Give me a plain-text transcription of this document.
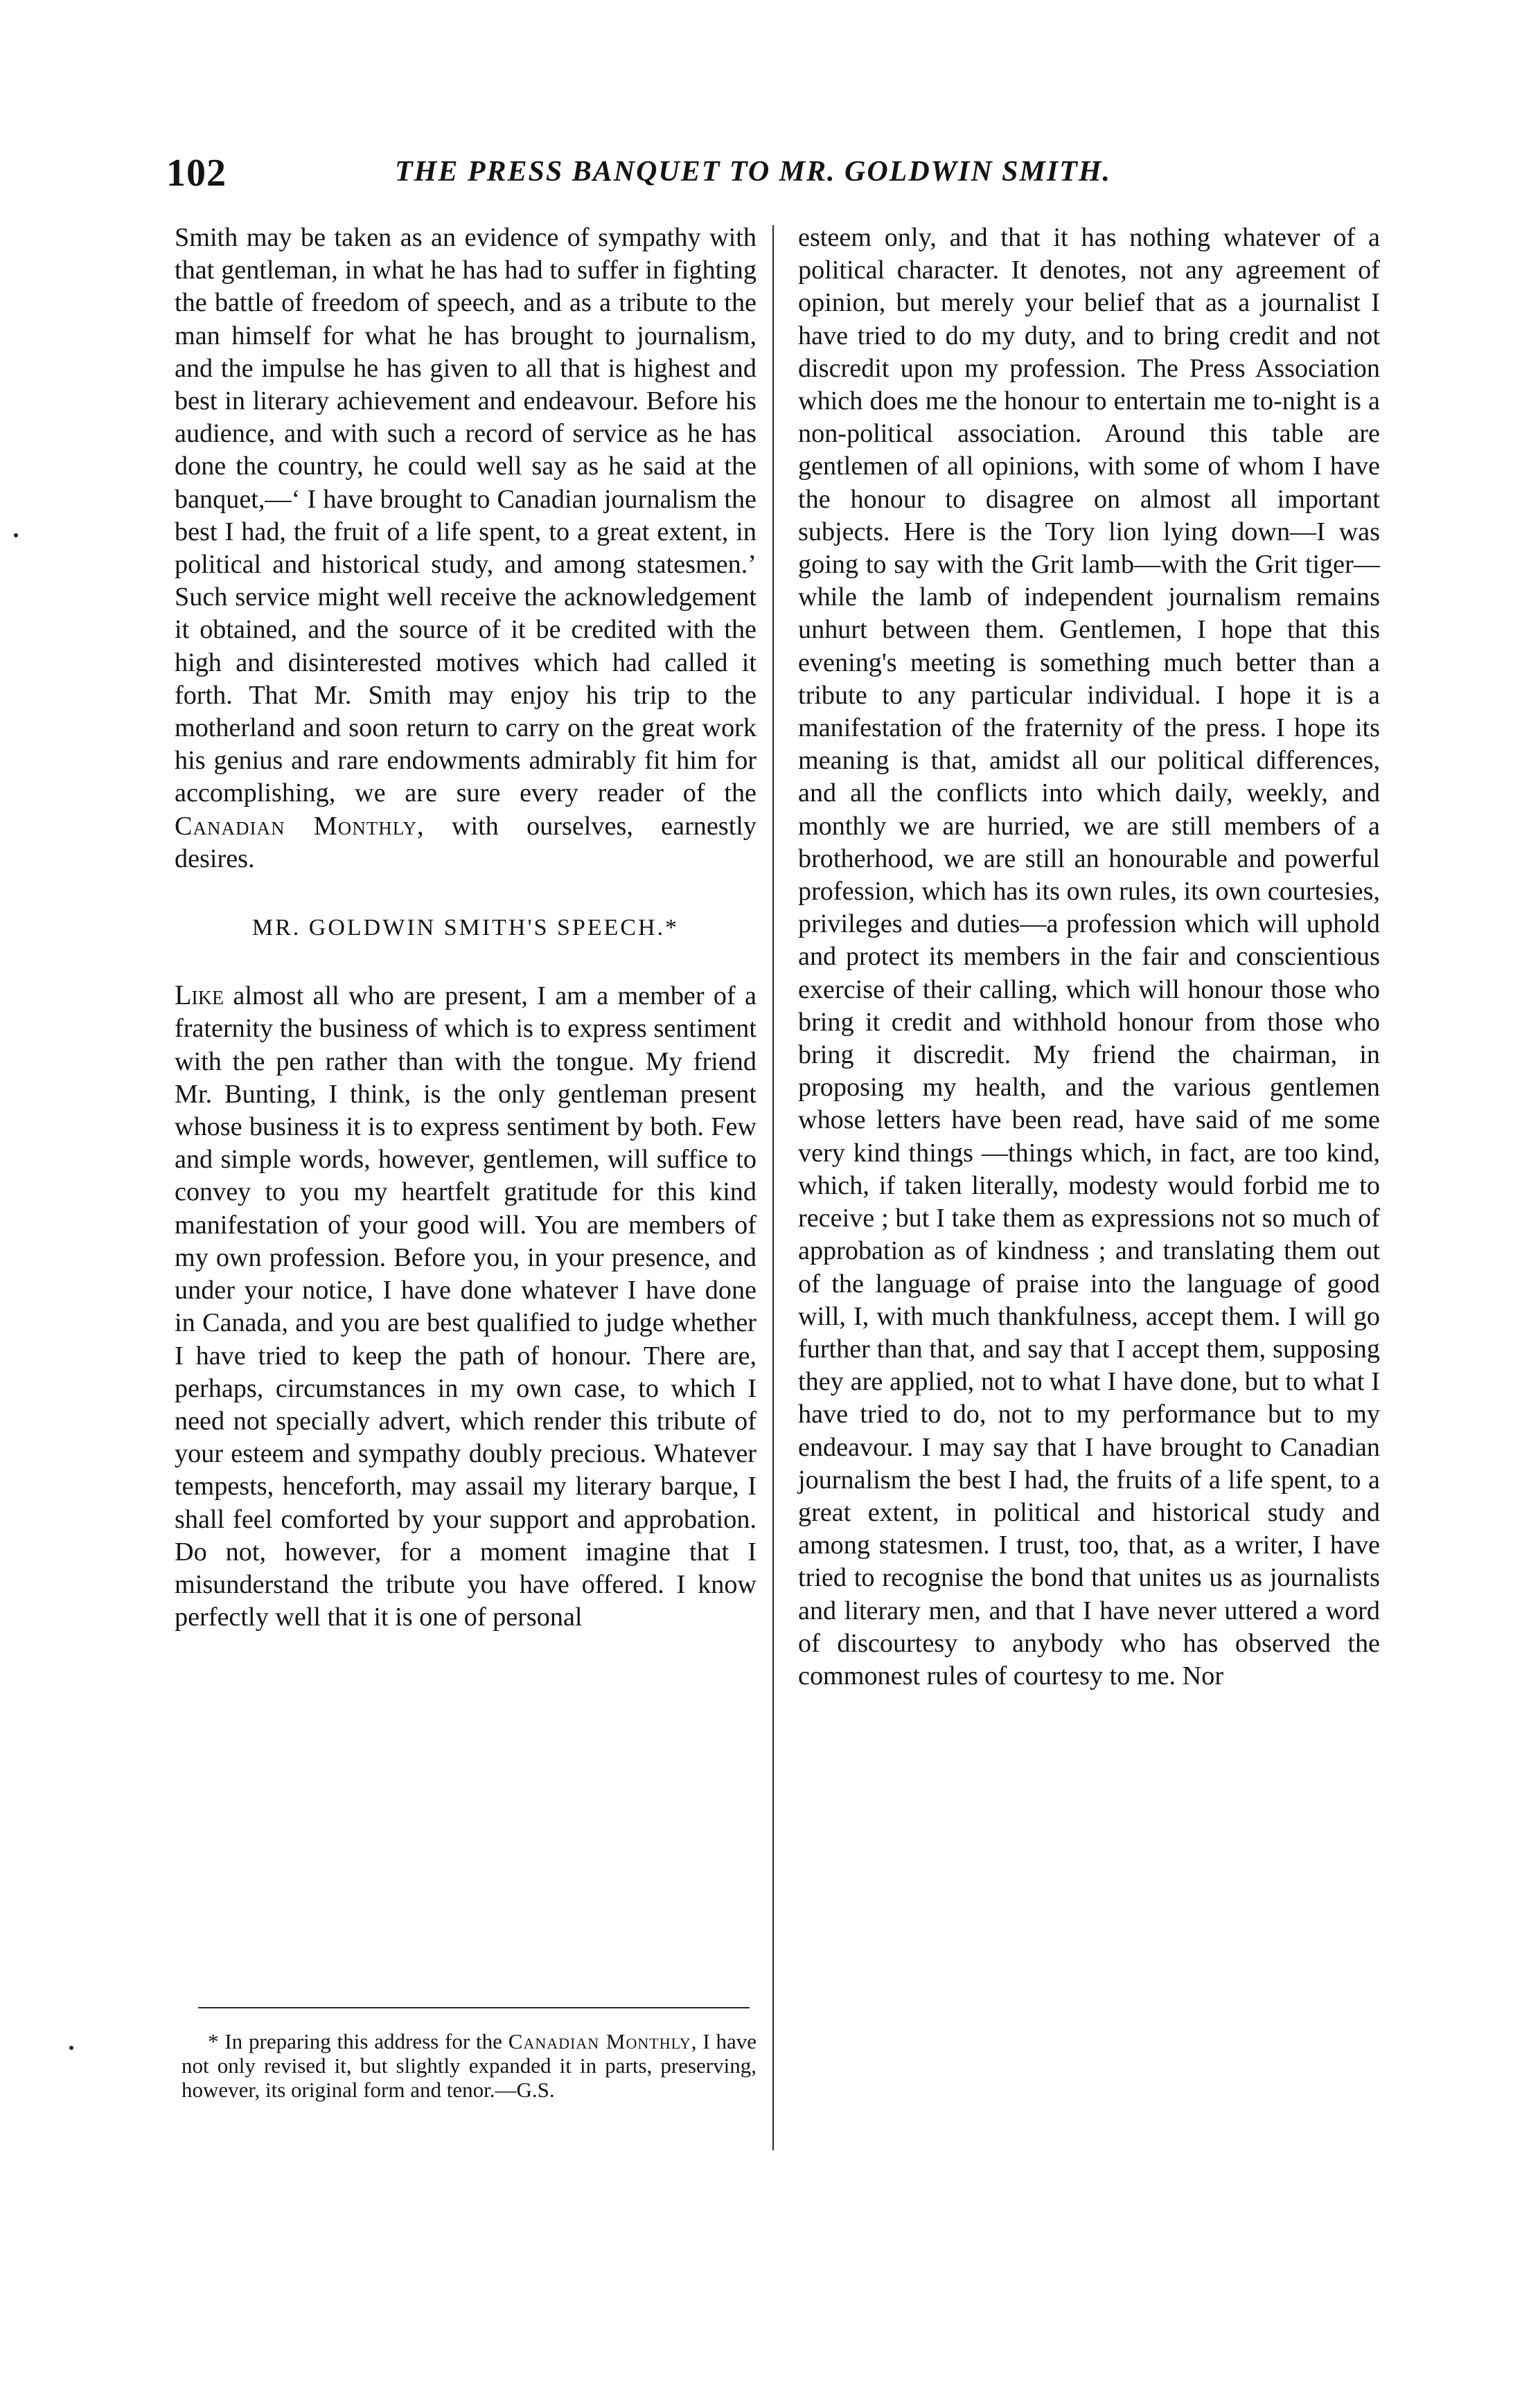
102	THE PRESS BANQUET TO MR. GOLDWIN SMITH.

Smith may be taken as an evidence of sympathy with that gentleman, in what he has had to suffer in fighting the battle of freedom of speech, and as a tribute to the man himself for what he has brought to journalism, and the impulse he has given to all that is highest and best in literary achievement and endeavour. Before his audience, and with such a record of service as he has done the country, he could well say as he said at the banquet,—‘ I have brought to Canadian journalism the best I had, the fruit of a life spent, to a great extent, in political and historical study, and among statesmen.’ Such service might well receive the acknowledgement it obtained, and the source of it be credited with the high and disinterested motives which had called it forth. That Mr. Smith may enjoy his trip to the motherland and soon return to carry on the great work his genius and rare endowments admirably fit him for accomplishing, we are sure every reader of the Canadian Monthly, with ourselves, earnestly desires.

MR. GOLDWIN SMITH'S SPEECH.*

Like almost all who are present, I am a member of a fraternity the business of which is to express sentiment with the pen rather than with the tongue. My friend Mr. Bunting, I think, is the only gentleman present whose business it is to express sentiment by both. Few and simple words, however, gentlemen, will suffice to convey to you my heartfelt gratitude for this kind manifestation of your good will. You are members of my own profession. Before you, in your presence, and under your notice, I have done whatever I have done in Canada, and you are best qualified to judge whether I have tried to keep the path of honour. There are, perhaps, circumstances in my own case, to which I need not specially advert, which render this tribute of your esteem and sympathy doubly precious. Whatever tempests, henceforth, may assail my literary barque, I shall feel comforted by your support and approbation. Do not, however, for a moment imagine that I misunderstand the tribute you have offered. I know perfectly well that it is one of personal

esteem only, and that it has nothing whatever of a political character. It denotes, not any agreement of opinion, but merely your belief that as a journalist I have tried to do my duty, and to bring credit and not discredit upon my profession. The Press Association which does me the honour to entertain me to-night is a non-political association. Around this table are gentlemen of all opinions, with some of whom I have the honour to disagree on almost all important subjects. Here is the Tory lion lying down—I was going to say with the Grit lamb—with the Grit tiger—while the lamb of independent journalism remains unhurt between them. Gentlemen, I hope that this evening's meeting is something much better than a tribute to any particular individual. I hope it is a manifestation of the fraternity of the press. I hope its meaning is that, amidst all our political differences, and all the conflicts into which daily, weekly, and monthly we are hurried, we are still members of a brotherhood, we are still an honourable and powerful profession, which has its own rules, its own courtesies, privileges and duties—a profession which will uphold and protect its members in the fair and conscientious exercise of their calling, which will honour those who bring it credit and withhold honour from those who bring it discredit. My friend the chairman, in proposing my health, and the various gentlemen whose letters have been read, have said of me some very kind things —things which, in fact, are too kind, which, if taken literally, modesty would forbid me to receive ; but I take them as expressions not so much of approbation as of kindness ; and translating them out of the language of praise into the language of good will, I, with much thankfulness, accept them. I will go further than that, and say that I accept them, supposing they are applied, not to what I have done, but to what I have tried to do, not to my performance but to my endeavour. I may say that I have brought to Canadian journalism the best I had, the fruits of a life spent, to a great extent, in political and historical study and among statesmen. I trust, too, that, as a writer, I have tried to recognise the bond that unites us as journalists and literary men, and that I have never uttered a word of discourtesy to anybody who has observed the commonest rules of courtesy to me. Nor

* In preparing this address for the Canadian Monthly, I have not only revised it, but slightly expanded it in parts, preserving, however, its original form and tenor.—G.S.
